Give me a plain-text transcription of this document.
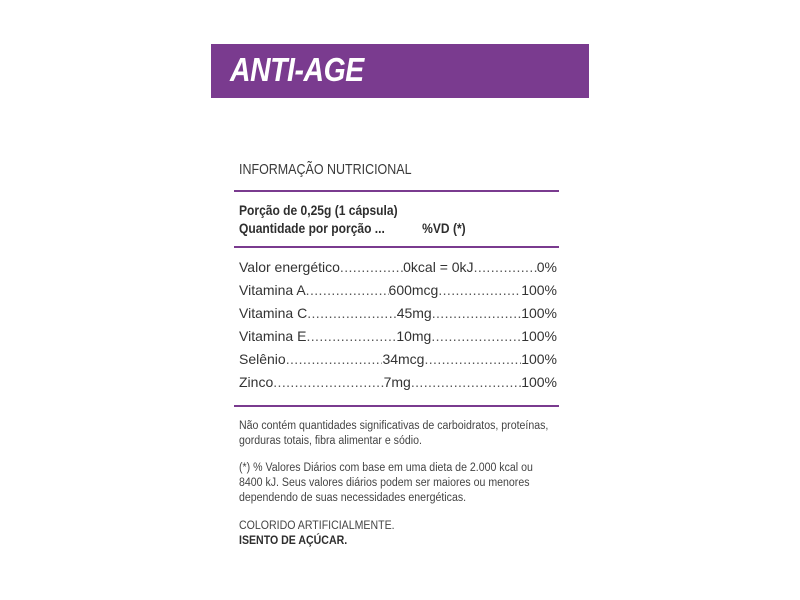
ANTI-AGE
INFORMAÇÃO NUTRICIONAL
Porção de 0,25g (1 cápsula)
Quantidade por porção ...	%VD (*)
Valor energético .....	0kcal = 0kJ .....	0%
Vitamina A .....	600mcg .....	100%
Vitamina C .....	45mg .....	100%
Vitamina E .....	10mg .....	100%
Selênio .....	34mcg .....	100%
Zinco .....	7mg .....	100%

Não contém quantidades significativas de carboidratos, proteínas,

gorduras totais, fibra alimentar e sódio.

(*) % Valores Diários com base em uma dieta de 2.000 kcal ou

8400 kJ. Seus valores diários podem ser maiores ou menores

dependendo de suas necessidades energéticas.

COLORIDO ARTIFICIALMENTE.

ISENTO DE AÇÚCAR.
